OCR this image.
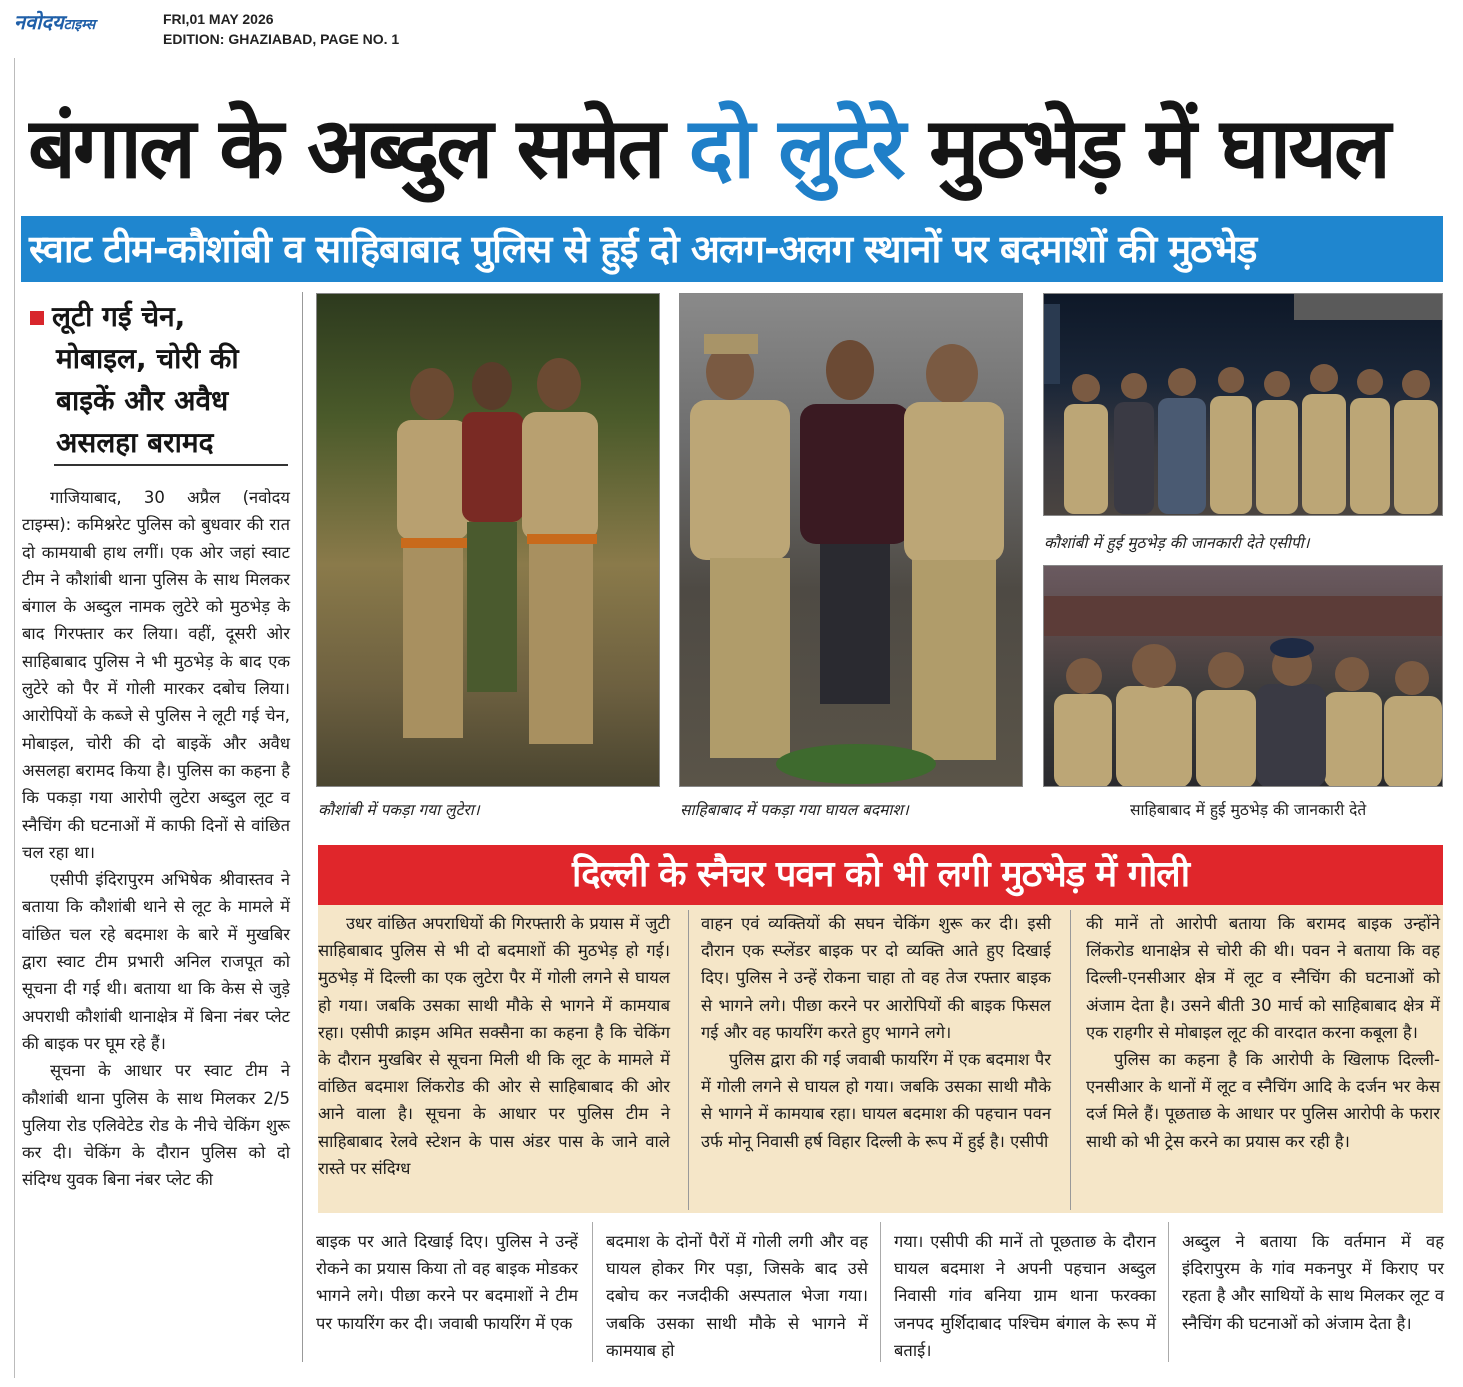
नवोदयटाइम्स	FRI,01 MAY 2026
EDITION: GHAZIABAD, PAGE NO. 1
बंगाल के अब्दुल समेत दो लुटेरे मुठभेड़ में घायल
स्वाट टीम-कौशांबी व साहिबाबाद पुलिस से हुई दो अलग-अलग स्थानों पर बदमाशों की मुठभेड़
लूटी गई चेन,
मोबाइल, चोरी की
बाइकें और अवैध
असलहा बरामद

गाजियाबाद, 30 अप्रैल (नवोदय टाइम्स): कमिश्नरेट पुलिस को बुधवार की रात दो कामयाबी हाथ लगीं। एक ओर जहां स्वाट टीम ने कौशांबी थाना पुलिस के साथ मिलकर बंगाल के अब्दुल नामक लुटेरे को मुठभेड़ के बाद गिरफ्तार कर लिया। वहीं, दूसरी ओर साहिबाबाद पुलिस ने भी मुठभेड़ के बाद एक लुटेरे को पैर में गोली मारकर दबोच लिया। आरोपियों के कब्जे से पुलिस ने लूटी गई चेन, मोबाइल, चोरी की दो बाइकें और अवैध असलहा बरामद किया है। पुलिस का कहना है कि पकड़ा गया आरोपी लुटेरा अब्दुल लूट व स्नैचिंग की घटनाओं में काफी दिनों से वांछित चल रहा था।

एसीपी इंदिरापुरम अभिषेक श्रीवास्तव ने बताया कि कौशांबी थाने से लूट के मामले में वांछित चल रहे बदमाश के बारे में मुखबिर द्वारा स्वाट टीम प्रभारी अनिल राजपूत को सूचना दी गई थी। बताया था कि केस से जुड़े अपराधी कौशांबी थानाक्षेत्र में बिना नंबर प्लेट की बाइक पर घूम रहे हैं।

सूचना के आधार पर स्वाट टीम ने कौशांबी थाना पुलिस के साथ मिलकर 2/5 पुलिया रोड एलिवेटेड रोड के नीचे चेकिंग शुरू कर दी। चेकिंग के दौरान पुलिस को दो संदिग्ध युवक बिना नंबर प्लेट की

कौशांबी में पकड़ा गया लुटेरा।	साहिबाबाद में पकड़ा गया घायल बदमाश।
कौशांबी में हुई मुठभेड़ की जानकारी देते एसीपी।
साहिबाबाद में हुई मुठभेड़ की जानकारी देते
दिल्ली के स्नैचर पवन को भी लगी मुठभेड़ में गोली

उधर वांछित अपराधियों की गिरफ्तारी के प्रयास में जुटी साहिबाबाद पुलिस से भी दो बदमाशों की मुठभेड़ हो गई। मुठभेड़ में दिल्ली का एक लुटेरा पैर में गोली लगने से घायल हो गया। जबकि उसका साथी मौके से भागने में कामयाब रहा। एसीपी क्राइम अमित सक्सैना का कहना है कि चेकिंग के दौरान मुखबिर से सूचना मिली थी कि लूट के मामले में वांछित बदमाश लिंकरोड की ओर से साहिबाबाद की ओर आने वाला है। सूचना के आधार पर पुलिस टीम ने साहिबाबाद रेलवे स्टेशन के पास अंडर पास के जाने वाले रास्ते पर संदिग्ध

वाहन एवं व्यक्तियों की सघन चेकिंग शुरू कर दी। इसी दौरान एक स्प्लेंडर बाइक पर दो व्यक्ति आते हुए दिखाई दिए। पुलिस ने उन्हें रोकना चाहा तो वह तेज रफ्तार बाइक से भागने लगे। पीछा करने पर आरोपियों की बाइक फिसल गई और वह फायरिंग करते हुए भागने लगे।

पुलिस द्वारा की गई जवाबी फायरिंग में एक बदमाश पैर में गोली लगने से घायल हो गया। जबकि उसका साथी मौके से भागने में कामयाब रहा। घायल बदमाश की पहचान पवन उर्फ मोनू निवासी हर्ष विहार दिल्ली के रूप में हुई है। एसीपी

की मानें तो आरोपी बताया कि बरामद बाइक उन्होंने लिंकरोड थानाक्षेत्र से चोरी की थी। पवन ने बताया कि वह दिल्ली-एनसीआर क्षेत्र में लूट व स्नैचिंग की घटनाओं को अंजाम देता है। उसने बीती 30 मार्च को साहिबाबाद क्षेत्र में एक राहगीर से मोबाइल लूट की वारदात करना कबूला है।

पुलिस का कहना है कि आरोपी के खिलाफ दिल्ली-एनसीआर के थानों में लूट व स्नैचिंग आदि के दर्जन भर केस दर्ज मिले हैं। पूछताछ के आधार पर पुलिस आरोपी के फरार साथी को भी ट्रेस करने का प्रयास कर रही है।

बाइक पर आते दिखाई दिए। पुलिस ने उन्हें रोकने का प्रयास किया तो वह बाइक मोडकर भागने लगे। पीछा करने पर बदमाशों ने टीम पर फायरिंग कर दी। जवाबी फायरिंग में एक
बदमाश के दोनों पैरों में गोली लगी और वह घायल होकर गिर पड़ा, जिसके बाद उसे दबोच कर नजदीकी अस्पताल भेजा गया। जबकि उसका साथी मौके से भागने में कामयाब हो
गया। एसीपी की मानें तो पूछताछ के दौरान घायल बदमाश ने अपनी पहचान अब्दुल निवासी गांव बनिया ग्राम थाना फरक्का जनपद मुर्शिदाबाद पश्चिम बंगाल के रूप में बताई।
अब्दुल ने बताया कि वर्तमान में वह इंदिरापुरम के गांव मकनपुर में किराए पर रहता है और साथियों के साथ मिलकर लूट व स्नैचिंग की घटनाओं को अंजाम देता है।
